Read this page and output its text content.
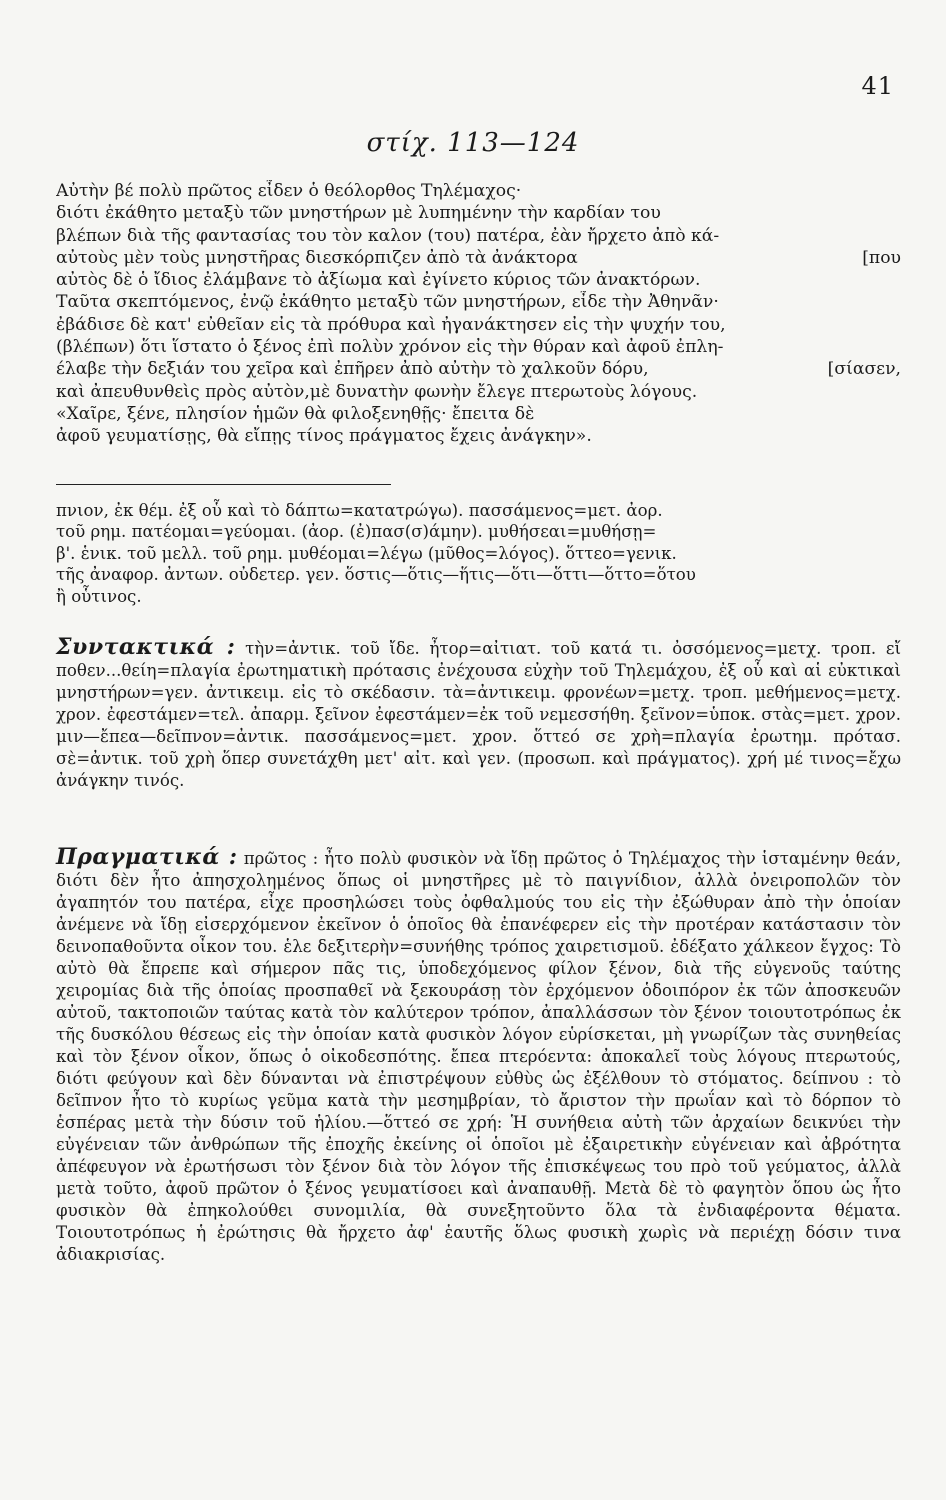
41
στίχ. 113—124

Αὐτὴν βέ πολὺ πρῶτος εἶδεν ὁ θεόλορθος Τηλέμαχος·

διότι ἐκάθητο μεταξὺ τῶν μνηστήρων μὲ λυπημένην τὴν καρδίαν του

βλέπων διὰ τῆς φαντασίας του τὸν καλον (του) πατέρα, ἐὰν ἤρχετο ἀπὸ κά-

[που
αὐτοὺς μὲν τοὺς μνηστῆρας διεσκόρπιζεν ἀπὸ τὰ ἀνάκτορα

αὐτὸς δὲ ὁ ἴδιος ἐλάμβανε τὸ ἀξίωμα καὶ ἐγίνετο κύριος τῶν ἀνακτόρων.

Ταῦτα σκεπτόμενος, ἐνῷ ἐκάθητο μεταξὺ τῶν μνηστήρων, εἶδε τὴν Ἀθηνᾶν·

ἐβάδισε δὲ κατ' εὐθεῖαν εἰς τὰ πρόθυρα καὶ ἠγανάκτησεν εἰς τὴν ψυχήν του,

(βλέπων) ὅτι ἵστατο ὁ ξένος ἐπὶ πολὺν χρόνον εἰς τὴν θύραν καὶ ἀφοῦ ἐπλη-

[σίασεν,
έλαβε τὴν δεξιάν του χεῖρα καὶ ἐπῆρεν ἀπὸ αὐτὴν τὸ χαλκοῦν δόρυ,

καὶ ἀπευθυνθεὶς πρὸς αὐτὸν,μὲ δυνατὴν φωνὴν ἔλεγε πτερωτοὺς λόγους.

«Χαῖρε, ξένε, πλησίον ἡμῶν θὰ φιλοξενηθῇς· ἔπειτα δὲ

ἀφοῦ γευματίσῃς, θὰ εἴπῃς τίνος πράγματος ἔχεις ἀνάγκην».

πνιον, ἐκ θέμ. ἐξ οὗ καὶ τὸ δάπτω=κατατρώγω). πασσάμενος=μετ. ἀορ.

τοῦ ρημ. πατέομαι=γεύομαι. (ἀορ. (ἐ)πασ(σ)άμην). μυθήσεαι=μυθήσῃ=

β'. ἑνικ. τοῦ μελλ. τοῦ ρημ. μυθέομαι=λέγω (μῦθος=λόγος). ὅττεο=γενικ.

τῆς ἀναφορ. ἀντων. οὐδετερ. γεν. ὅστις—ὅτις—ἥτις—ὅτι—ὅττι—ὅττο=ὅτου

ἢ οὗτινος.

Συντακτικά : τὴν=ἀντικ. τοῦ ἴδε. ἦτορ=αἰτιατ. τοῦ κατά τι. ὀσσόμενος=μετχ. τροπ. εἴ ποθεν...θείη=πλαγία ἐρωτηματικὴ πρότασις ἐνέχουσα εὐχὴν τοῦ Τηλεμάχου, ἐξ οὗ καὶ αἱ εὐκτικαὶ μνηστήρων=γεν. ἀντικειμ. εἰς τὸ σκέδασιν. τὰ=ἀντικειμ. φρονέων=μετχ. τροπ. μεθήμενος=μετχ. χρον. ἐφεστάμεν=τελ. ἀπαρμ. ξεῖνον ἐφεστάμεν=ἐκ τοῦ νεμεσσήθη. ξεῖνον=ὑποκ. στὰς=μετ. χρον. μιν—ἔπεα—δεῖπνον=ἀντικ. πασσάμενος=μετ. χρον. ὅττεό σε χρὴ=πλαγία ἐρωτημ. πρότασ. σὲ=ἀντικ. τοῦ χρὴ ὅπερ συνετάχθη μετ' αἰτ. καὶ γεν. (προσωπ. καὶ πράγματος). χρή μέ τινος=ἔχω ἀνάγκην τινός.
Πραγματικά : πρῶτος : ἦτο πολὺ φυσικὸν νὰ ἴδῃ πρῶτος ὁ Τηλέμαχος τὴν ἱσταμένην θεάν, διότι δὲν ἦτο ἀπησχολημένος ὅπως οἱ μνηστῆρες μὲ τὸ παιγνίδιον, ἀλλὰ ὀνειροπολῶν τὸν ἀγαπητόν του πατέρα, εἶχε προσηλώσει τοὺς ὀφθαλμούς του εἰς τὴν ἐξώθυραν ἀπὸ τὴν ὁποίαν ἀνέμενε νὰ ἴδῃ εἰσερχόμενον ἐκεῖνον ὁ ὁποῖος θὰ ἐπανέφερεν εἰς τὴν προτέραν κατάστασιν τὸν δεινοπαθοῦντα οἶκον του. ἑλε δεξιτερὴν=συνήθης τρόπος χαιρετισμοῦ. ἐδέξατο χάλκεον ἔγχος: Τὸ αὐτὸ θὰ ἔπρεπε καὶ σήμερον πᾶς τις, ὑποδεχόμενος φίλον ξένον, διὰ τῆς εὐγενοῦς ταύτης χειρομίας διὰ τῆς ὁποίας προσπαθεῖ νὰ ξεκουράσῃ τὸν ἐρχόμενον ὁδοιπόρον ἐκ τῶν ἀποσκευῶν αὐτοῦ, τακτοποιῶν ταύτας κατὰ τὸν καλύτερον τρόπον, ἀπαλλάσσων τὸν ξένον τοιουτοτρόπως ἐκ τῆς δυσκόλου θέσεως εἰς τὴν ὁποίαν κατὰ φυσικὸν λόγον εὑρίσκεται, μὴ γνωρίζων τὰς συνηθείας καὶ τὸν ξένον οἶκον, ὅπως ὁ οἰκοδεσπότης. ἔπεα πτερόεντα: ἀποκαλεῖ τοὺς λόγους πτερωτούς, διότι φεύγουν καὶ δὲν δύνανται νὰ ἐπιστρέψουν εὐθὺς ὡς ἐξέλθουν τὸ στόματος. δείπνου : τὸ δεῖπνον ἦτο τὸ κυρίως γεῦμα κατὰ τὴν μεσημβρίαν, τὸ ἄριστον τὴν πρωΐαν καὶ τὸ δόρπον τὸ ἑσπέρας μετὰ τὴν δύσιν τοῦ ἡλίου.—ὅττεό σε χρή: Ἡ συνήθεια αὐτὴ τῶν ἀρχαίων δεικνύει τὴν εὐγένειαν τῶν ἀνθρώπων τῆς ἐποχῆς ἐκείνης οἱ ὁποῖοι μὲ ἐξαιρετικὴν εὐγένειαν καὶ ἀβρότητα ἀπέφευγον νὰ ἐρωτήσωσι τὸν ξένον διὰ τὸν λόγον τῆς ἐπισκέψεως του πρὸ τοῦ γεύματος, ἀλλὰ μετὰ τοῦτο, ἀφοῦ πρῶτον ὁ ξένος γευματίσοει καὶ ἀναπαυθῇ. Μετὰ δὲ τὸ φαγητὸν ὅπου ὡς ἦτο φυσικὸν θὰ ἐπηκολούθει συνομιλία, θὰ συνεξητοῦντο ὅλα τὰ ἐνδιαφέροντα θέματα. Τοιουτοτρόπως ἡ ἐρώτησις θὰ ἤρχετο ἀφ' ἑαυτῆς ὅλως φυσικὴ χωρὶς νὰ περιέχῃ δόσιν τινα ἀδιακρισίας.
